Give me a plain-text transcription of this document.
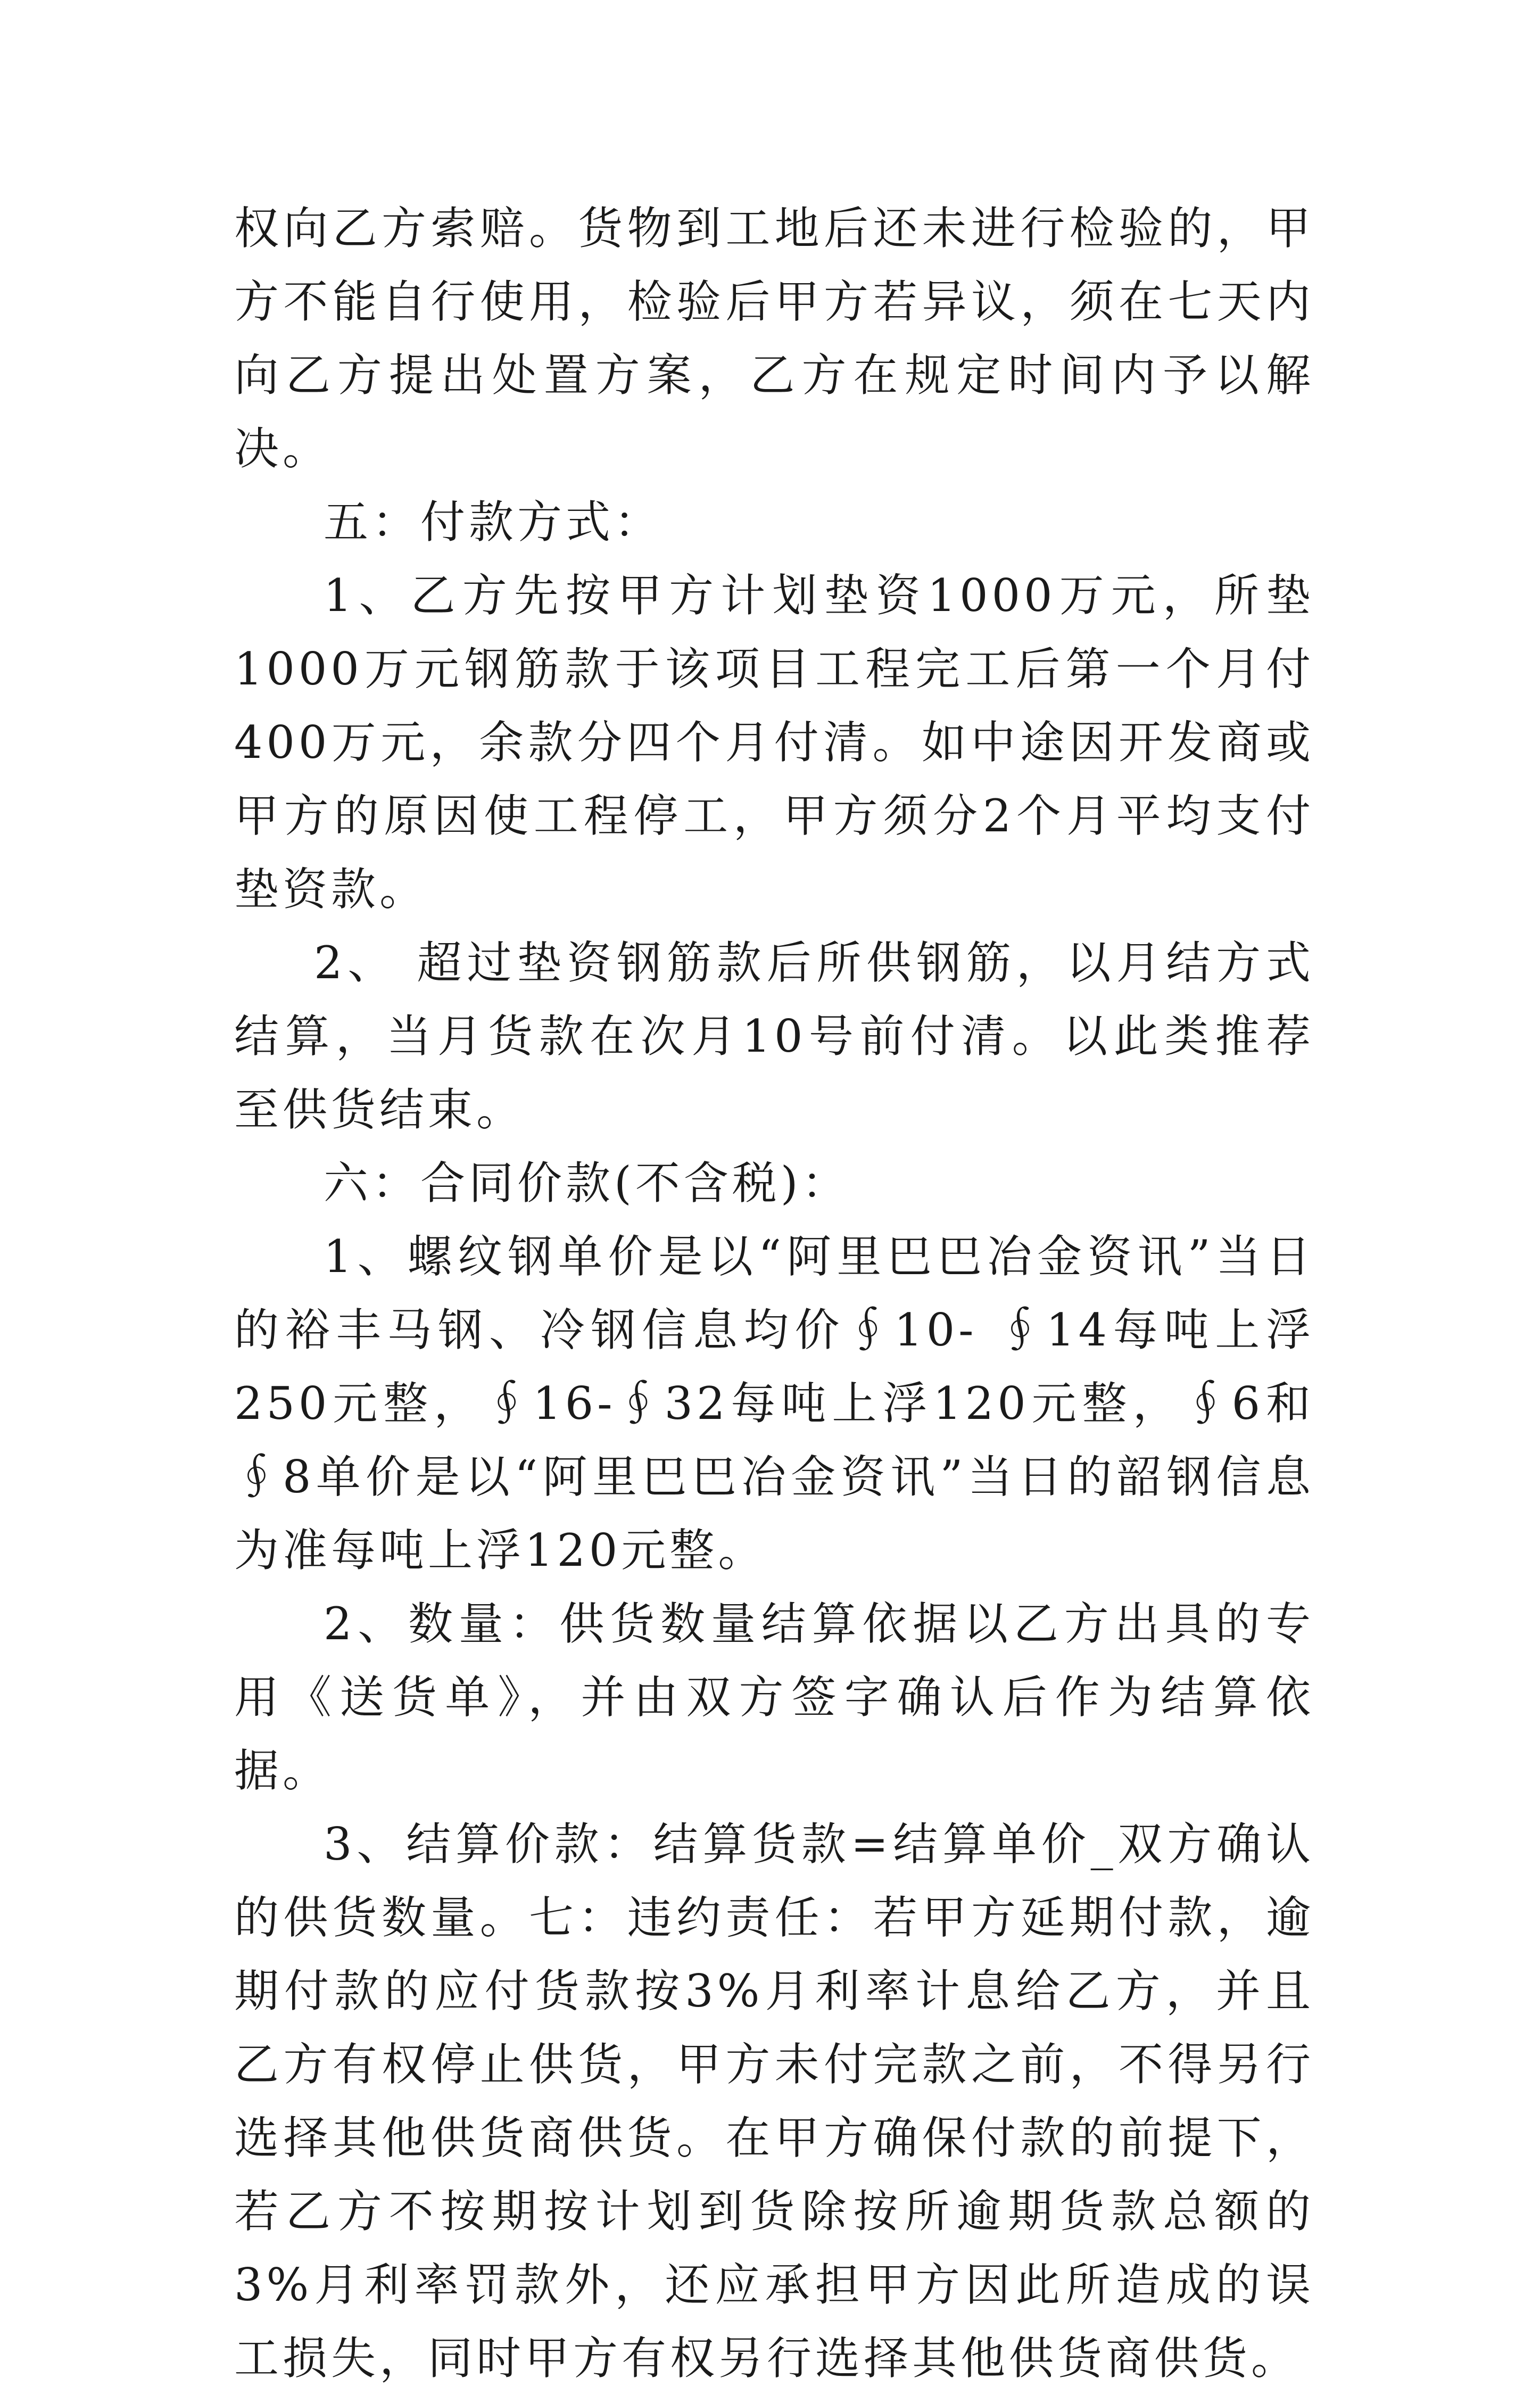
权向乙方索赔。货物到工地后还未进行检验的，甲方不能自行使用，检验后甲方若异议，须在七天内向乙方提出处置方案，乙方在规定时间内予以解决。

五：付款方式：

1、乙方先按甲方计划垫资1000万元，所垫1000万元钢筋款于该项目工程完工后第一个月付400万元，余款分四个月付清。如中途因开发商或甲方的原因使工程停工，甲方须分2个月平均支付垫资款。

2、 超过垫资钢筋款后所供钢筋，以月结方式结算，当月货款在次月10号前付清。以此类推荐至供货结束。

六：合同价款(不含税)：

1、螺纹钢单价是以“阿里巴巴冶金资讯”当日的裕丰马钢、冷钢信息均价∮10- ∮14每吨上浮250元整，∮16-∮32每吨上浮120元整，∮6和 ∮8单价是以“阿里巴巴冶金资讯”当日的韶钢信息为准每吨上浮120元整。

2、数量：供货数量结算依据以乙方出具的专用《送货单》，并由双方签字确认后作为结算依据。

3、结算价款：结算货款=结算单价_双方确认的供货数量。七：违约责任：若甲方延期付款，逾期付款的应付货款按3%月利率计息给乙方，并且乙方有权停止供货，甲方未付完款之前，不得另行选择其他供货商供货。在甲方确保付款的前提下，若乙方不按期按计划到货除按所逾期货款总额的3%月利率罚款外，还应承担甲方因此所造成的误工损失，同时甲方有权另行选择其他供货商供货。
